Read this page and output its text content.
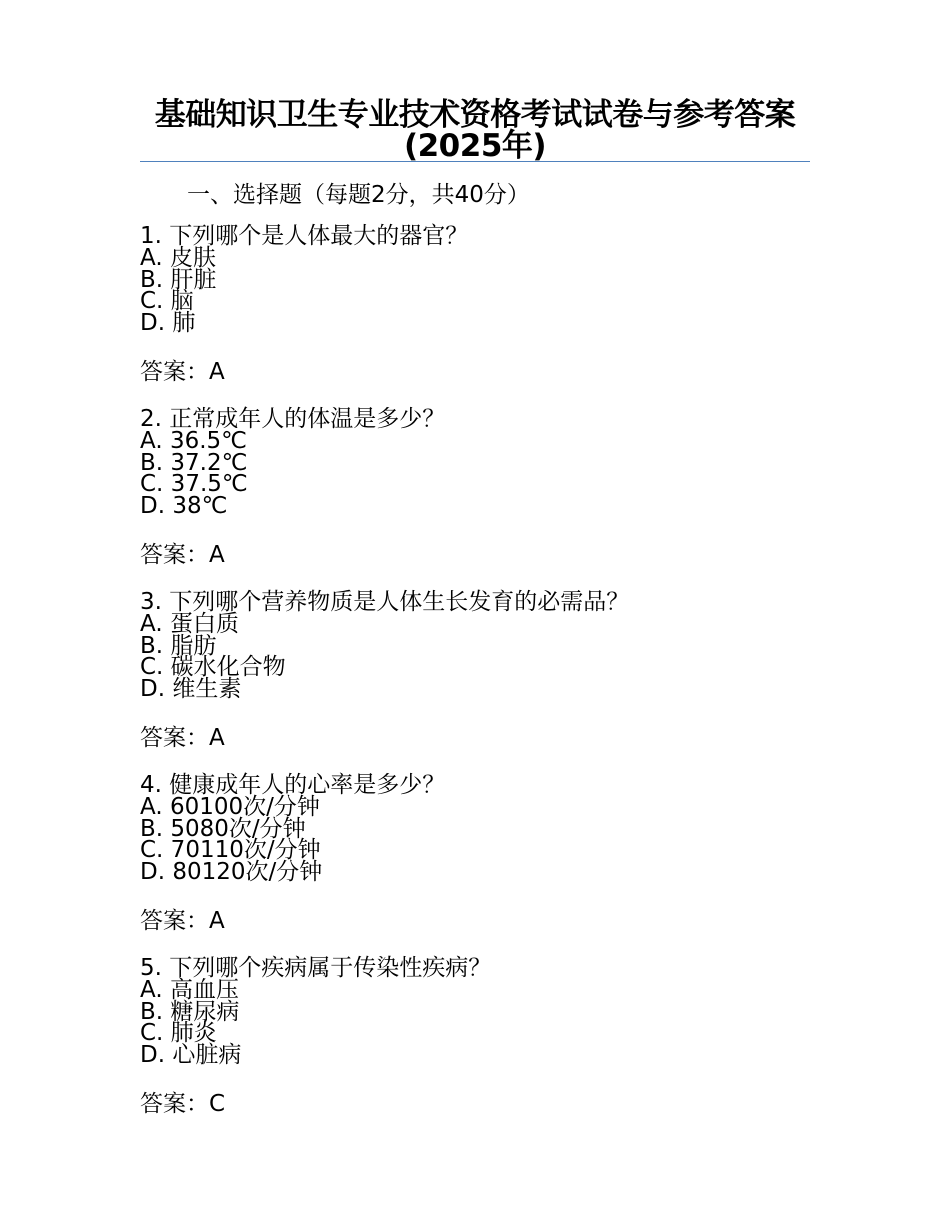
基础知识卫生专业技术资格考试试卷与参考答案(2025年)
一、选择题（每题2分，共40分）
1. 下列哪个是人体最大的器官？
A. 皮肤
B. 肝脏
C. 脑
D. 肺
答案：A
2. 正常成年人的体温是多少？
A. 36.5℃
B. 37.2℃
C. 37.5℃
D. 38℃
答案：A
3. 下列哪个营养物质是人体生长发育的必需品？
A. 蛋白质
B. 脂肪
C. 碳水化合物
D. 维生素
答案：A
4. 健康成年人的心率是多少？
A. 60100次/分钟
B. 5080次/分钟
C. 70110次/分钟
D. 80120次/分钟
答案：A
5. 下列哪个疾病属于传染性疾病？
A. 高血压
B. 糖尿病
C. 肺炎
D. 心脏病
答案：C
